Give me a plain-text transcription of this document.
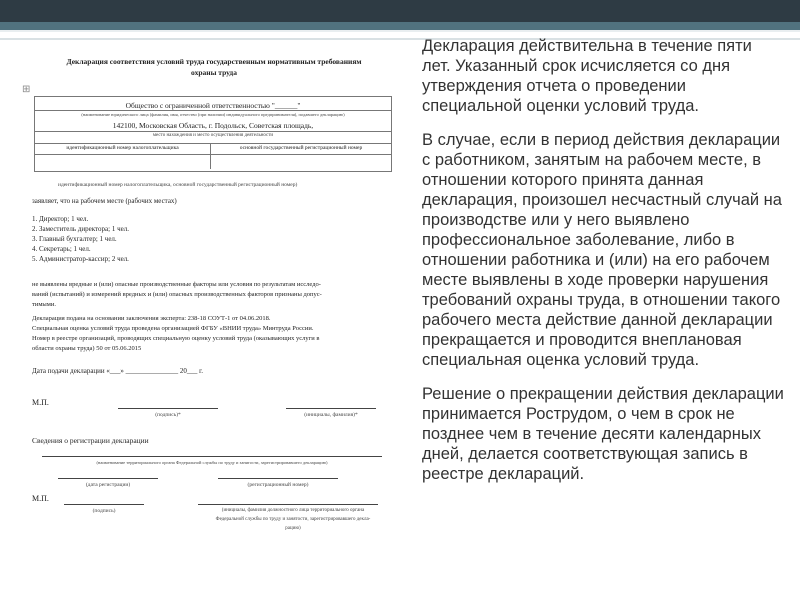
Декларация соответствия условий труда государственным нормативным требованиям охраны труда
⊞
Общество с ограниченной ответственностью "______"
(наименование юридического лица (фамилия, имя, отчество (при наличии) индивидуального предпринимателя), подавшего декларацию)
142100, Московская Область, г. Подольск, Советская площадь,
место нахождения и место осуществления деятельности
идентификационный номер налогоплательщика	основной государственный регистрационный номер
идентификационный номер налогоплательщика, основной государственный регистрационный номер)
заявляет, что на рабочем месте (рабочих местах)
1. Директор; 1 чел.
2. Заместитель директора; 1 чел.
3. Главный бухгалтер; 1 чел.
4. Секретарь; 1 чел.
5. Администратор-кассир; 2 чел.
не выявлены вредные и (или) опасные производственные факторы или условия по результатам исследо-
ваний (испытаний) и измерений вредных и (или) опасных производственных факторов признаны допус-
тимыми.
Декларация подана на основании заключения эксперта: 238-18 СОУТ-1 от 04.06.2018.
Специальная оценка условий труда проведена организацией ФГБУ «ВНИИ труда» Минтруда России.
Номер в реестре организаций, проводящих специальную оценку условий труда (оказывающих услуги в
области охраны труда) 50 от 05.06.2015
Дата подачи декларации «___» _______________ 20___ г.
М.П.
(подпись)*	(инициалы, фамилия)*
Сведения о регистрации декларации
(наименование территориального органа Федеральной службы по труду и занятости, зарегистрировавшего декларацию)
(дата регистрации)	(регистрационный номер)
М.П.
(подпись)	(инициалы, фамилия должностного лица территориального органа
Федеральной службы по труду и занятости, зарегистрировавшего декла-
рацию)

Декларация действительна в течение пяти лет. Указанный срок исчисляется со дня утверждения отчета о проведении специальной оценки условий труда.

В случае, если в период действия декларации с работником, занятым на рабочем месте, в отношении которого принята данная декларация, произошел несчастный случай на производстве или у него выявлено профессиональное заболевание, либо в отношении работника и (или) на его рабочем месте выявлены в ходе проверки нарушения требований охраны труда, в отношении такого рабочего места действие данной декларации прекращается и проводится внеплановая специальная оценка условий труда.

Решение о прекращении действия декларации принимается Рострудом, о чем в срок не позднее чем в течение десяти календарных дней, делается соответствующая запись в реестре деклараций.
